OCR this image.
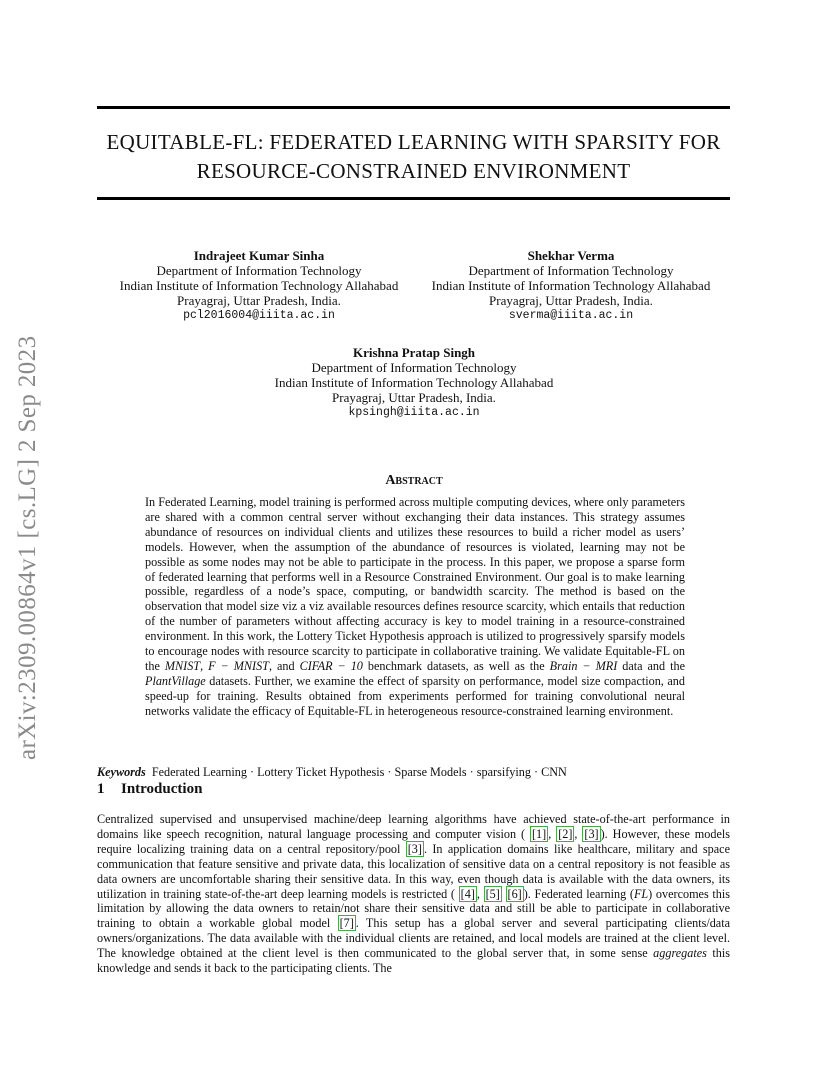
EQUITABLE-FL: FEDERATED LEARNING WITH SPARSITY FOR
RESOURCE-CONSTRAINED ENVIRONMENT
arXiv:2309.00864v1 [cs.LG] 2 Sep 2023
Indrajeet Kumar Sinha
Department of Information Technology
Indian Institute of Information Technology Allahabad
Prayagraj, Uttar Pradesh, India.
pcl2016004@iiita.ac.in
Shekhar Verma
Department of Information Technology
Indian Institute of Information Technology Allahabad
Prayagraj, Uttar Pradesh, India.
sverma@iiita.ac.in
Krishna Pratap Singh
Department of Information Technology
Indian Institute of Information Technology Allahabad
Prayagraj, Uttar Pradesh, India.
kpsingh@iiita.ac.in
Abstract
In Federated Learning, model training is performed across multiple computing devices, where only parameters are shared with a common central server without exchanging their data instances. This strategy assumes abundance of resources on individual clients and utilizes these resources to build a richer model as users’ models. However, when the assumption of the abundance of resources is violated, learning may not be possible as some nodes may not be able to participate in the process. In this paper, we propose a sparse form of federated learning that performs well in a Resource Constrained Environment. Our goal is to make learning possible, regardless of a node’s space, computing, or bandwidth scarcity. The method is based on the observation that model size viz a viz available resources defines resource scarcity, which entails that reduction of the number of parameters without affecting accuracy is key to model training in a resource-constrained environment. In this work, the Lottery Ticket Hypothesis approach is utilized to progressively sparsify models to encourage nodes with resource scarcity to participate in collaborative training. We validate Equitable-FL on the MNIST, F − MNIST, and CIFAR − 10 benchmark datasets, as well as the Brain − MRI data and the PlantVillage datasets. Further, we examine the effect of sparsity on performance, model size compaction, and speed-up for training. Results obtained from experiments performed for training convolutional neural networks validate the efficacy of Equitable-FL in heterogeneous resource-constrained learning environment.
Keywords Federated Learning · Lottery Ticket Hypothesis · Sparse Models · sparsifying · CNN
1 Introduction
Centralized supervised and unsupervised machine/deep learning algorithms have achieved state-of-the-art performance in domains like speech recognition, natural language processing and computer vision ( [1] , [2] , [3] ). However, these models require localizing training data on a central repository/pool [3] . In application domains like healthcare, military and space communication that feature sensitive and private data, this localization of sensitive data on a central repository is not feasible as data owners are uncomfortable sharing their sensitive data. In this way, even though data is available with the data owners, its utilization in training state-of-the-art deep learning models is restricted ( [4] , [5] [6] ). Federated learning (FL) overcomes this limitation by allowing the data owners to retain/not share their sensitive data and still be able to participate in collaborative training to obtain a workable global model [7] . This setup has a global server and several participating clients/data owners/organizations. The data available with the individual clients are retained, and local models are trained at the client level. The knowledge obtained at the client level is then communicated to the global server that, in some sense aggregates this knowledge and sends it back to the participating clients. The
